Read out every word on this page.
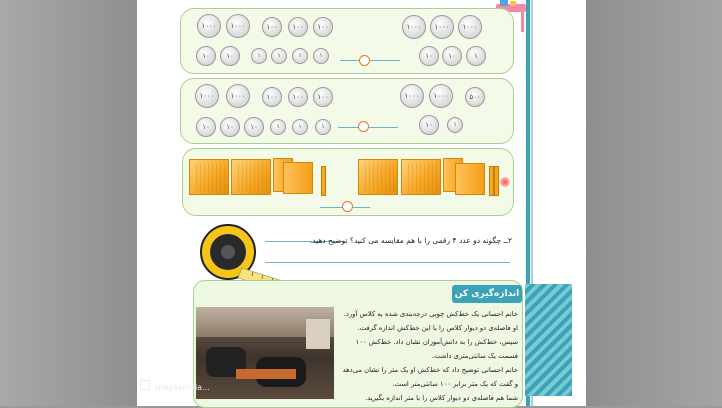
۱۰۰۰	۱۰۰۰	۱۰۰۰
۱۰	۱۰	۱
۱۰۰۰	۱۰۰۰	۱۰۰	۱۰۰	۱۰۰
۱۰	۱۰	۱	۱	۱	۱
۱۰۰۰	۱۰۰۰	۵۰۰
۱۰	۱
۱۰۰۰	۱۰۰۰	۱۰۰	۱۰۰	۱۰۰
۱۰	۱۰	۱۰	۱	۱	۱
۲ــ چگونه دو عدد ۴ رقمی را با هم مقایسه می کنید؟ توضیح دهید.
اندازه‌گیری کن
خانم احسانی یک خط‌کش چوبی درجه‌بندی شده به کلاس آورد.
او فاصله‌ی دو دیوار کلاس را با این خط‌کش اندازه گرفت.
سپس، خط‌کش را به دانش‌آموزان نشان داد. خط‌کش ۱۰۰
قسمت یک سانتی‌متری داشت.
خانم احسانی توضیح داد که خط‌کش او یک متر را نشان می‌دهد
و گفت که یک متر برابر ۱۰۰ سانتی‌متر است.
شما هم فاصله‌ی دو دیوار کلاس را با متر اندازه بگیرید.
meysamdia...
